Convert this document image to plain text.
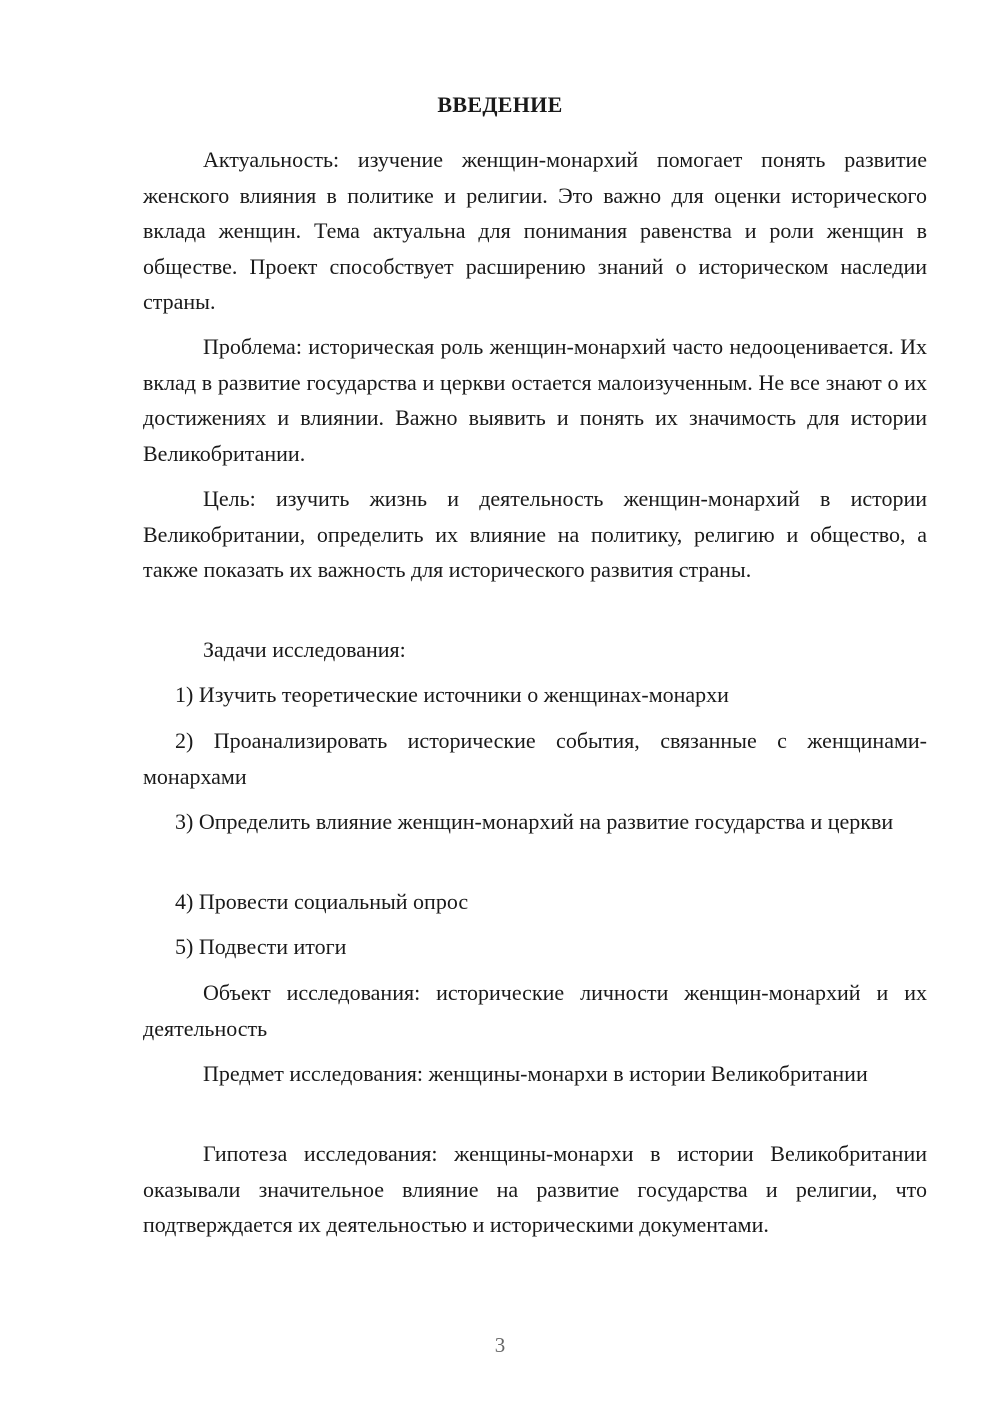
ВВЕДЕНИЕ

Актуальность: изучение женщин-монархий помогает понять развитие женского влияния в политике и религии. Это важно для оценки исторического вклада женщин. Тема актуальна для понимания равенства и роли женщин в обществе. Проект способствует расширению знаний о историческом наследии страны.

Проблема: историческая роль женщин-монархий часто недооценивается. Их вклад в развитие государства и церкви остается малоизученным. Не все знают о их достижениях и влиянии. Важно выявить и понять их значимость для истории Великобритании.

Цель: изучить жизнь и деятельность женщин-монархий в истории Великобритании, определить их влияние на политику, религию и общество, а также показать их важность для исторического развития страны.

Задачи исследования:

1) Изучить теоретические источники о женщинах-монархи

2) Проанализировать исторические события, связанные с женщинами-монархами

3) Определить влияние женщин-монархий на развитие государства и церкви

4) Провести социальный опрос

5) Подвести итоги

Объект исследования: исторические личности женщин-монархий и их деятельность

Предмет исследования: женщины-монархи в истории Великобритании

Гипотеза исследования: женщины-монархи в истории Великобритании оказывали значительное влияние на развитие государства и религии, что подтверждается их деятельностью и историческими документами.

3
